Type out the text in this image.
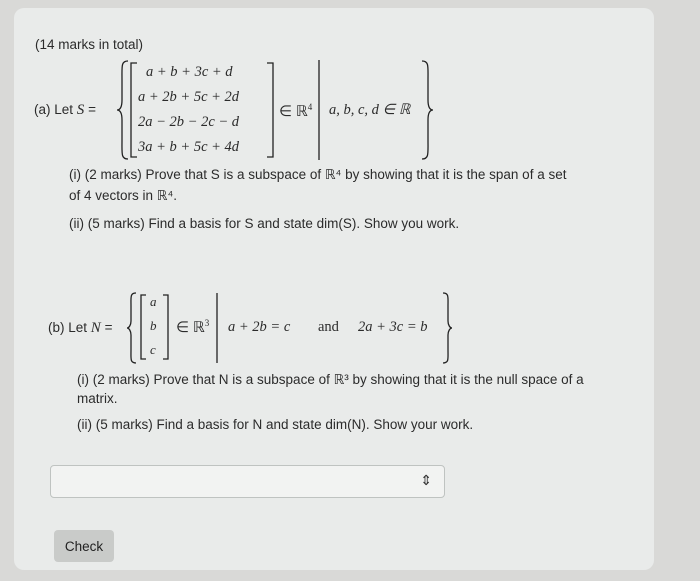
(14 marks in total)
(a) Let S =
a + b + 3c + d
a + 2b + 5c + 2d
2a − 2b − 2c − d
3a + b + 5c + 4d
∈ ℝ$^4$ a, b, c, d ∈ ℝ
(i) (2 marks) Prove that S is a subspace of ℝ⁴ by showing that it is the span of a set
of 4 vectors in ℝ⁴.
(ii) (5 marks) Find a basis for S and state dim(S). Show you work.
(b) Let N =
a
b
c
∈ ℝ$^3$ a + 2b = c and 2a + 3c = b
(i) (2 marks) Prove that N is a subspace of ℝ³ by showing that it is the null space of a
matrix.
(ii) (5 marks) Find a basis for N and state dim(N). Show your work.
⇕
Check
